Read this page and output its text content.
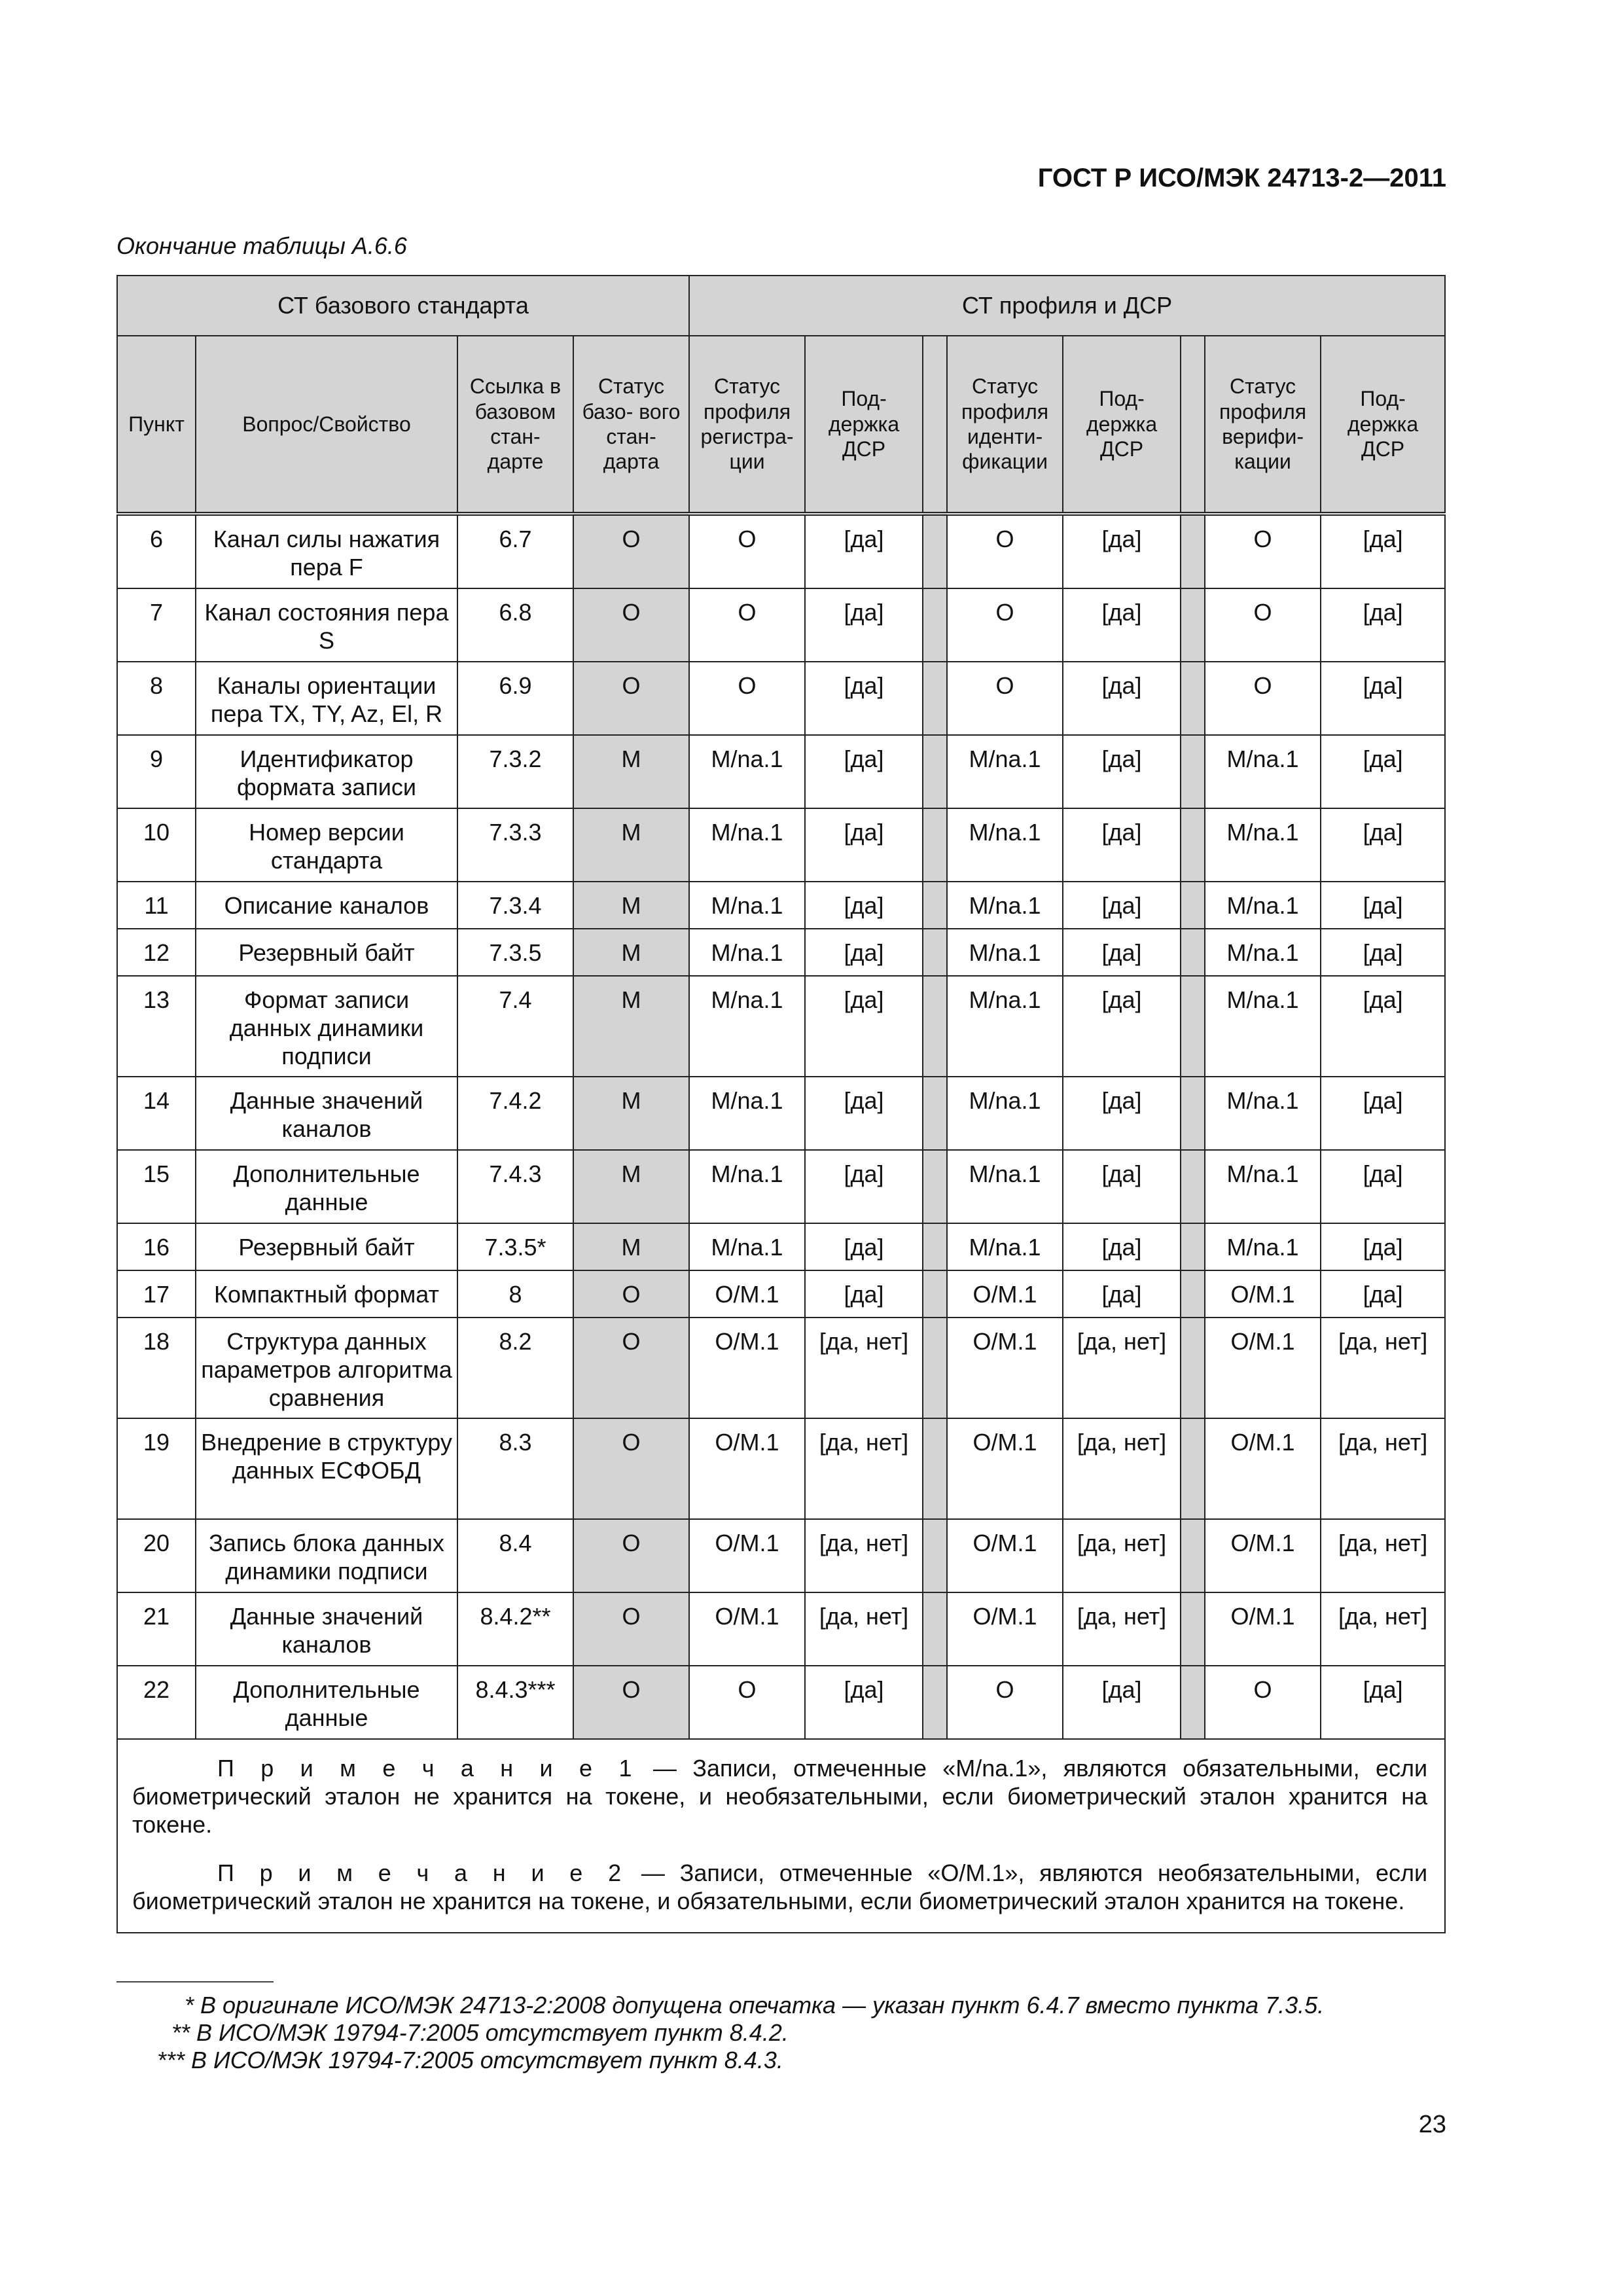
ГОСТ Р ИСО/МЭК 24713-2—2011
Окончание таблицы А.6.6
СТ базового стандарта				СТ профиля и ДСР							
Пункт	Вопрос/Свойство	Ссылка в базовом стан- дарте	Статус базо- вого стан- дарта	Статус профиля регистра- ции	Под- держка ДСР		Статус профиля иденти- фикации	Под- держка ДСР		Статус профиля верифи- кации	Под- держка ДСР
6	Канал силы нажатия пера F	6.7	O	O	[да]		O	[да]		O	[да]
7	Канал состояния пера S	6.8	O	O	[да]		O	[да]		O	[да]
8	Каналы ориентации пера TX, TY, Az, El, R	6.9	O	O	[да]		O	[да]		O	[да]
9	Идентификатор формата записи	7.3.2	M	M/na.1	[да]		M/na.1	[да]		M/na.1	[да]
10	Номер версии стандарта	7.3.3	M	M/na.1	[да]		M/na.1	[да]		M/na.1	[да]
11	Описание каналов	7.3.4	M	M/na.1	[да]		M/na.1	[да]		M/na.1	[да]
12	Резервный байт	7.3.5	M	M/na.1	[да]		M/na.1	[да]		M/na.1	[да]
13	Формат записи данных динамики подписи	7.4	M	M/na.1	[да]		M/na.1	[да]		M/na.1	[да]
14	Данные значений каналов	7.4.2	M	M/na.1	[да]		M/na.1	[да]		M/na.1	[да]
15	Дополнительные данные	7.4.3	M	M/na.1	[да]		M/na.1	[да]		M/na.1	[да]
16	Резервный байт	7.3.5*	M	M/na.1	[да]		M/na.1	[да]		M/na.1	[да]
17	Компактный формат	8	O	O/M.1	[да]		O/M.1	[да]		O/M.1	[да]
18	Структура данных параметров алгоритма сравнения	8.2	O	O/M.1	[да, нет]		O/M.1	[да, нет]		O/M.1	[да, нет]
19	Внедрение в структуру данных ЕСФОБД	8.3	O	O/M.1	[да, нет]		O/M.1	[да, нет]		O/M.1	[да, нет]
20	Запись блока данных динамики подписи	8.4	O	O/M.1	[да, нет]		O/M.1	[да, нет]		O/M.1	[да, нет]
21	Данные значений каналов	8.4.2**	O	O/M.1	[да, нет]		O/M.1	[да, нет]		O/M.1	[да, нет]
22	Дополнительные данные	8.4.3***	O	O	[да]		O	[да]		O	[да]

П р и м е ч а н и е 1 — Записи, отмеченные «M/na.1», являются обязательными, если биометрический эталон не хранится на токене, и необязательными, если биометрический эталон хранится на токене.

П р и м е ч а н и е 2 — Записи, отмеченные «O/M.1», являются необязательными, если биометрический эталон не хранится на токене, и обязательными, если биометрический эталон хранится на токене.											

* В оригинале ИСО/МЭК 24713-2:2008 допущена опечатка — указан пункт 6.4.7 вместо пункта 7.3.5.
** В ИСО/МЭК 19794-7:2005 отсутствует пункт 8.4.2.
*** В ИСО/МЭК 19794-7:2005 отсутствует пункт 8.4.3.
23
